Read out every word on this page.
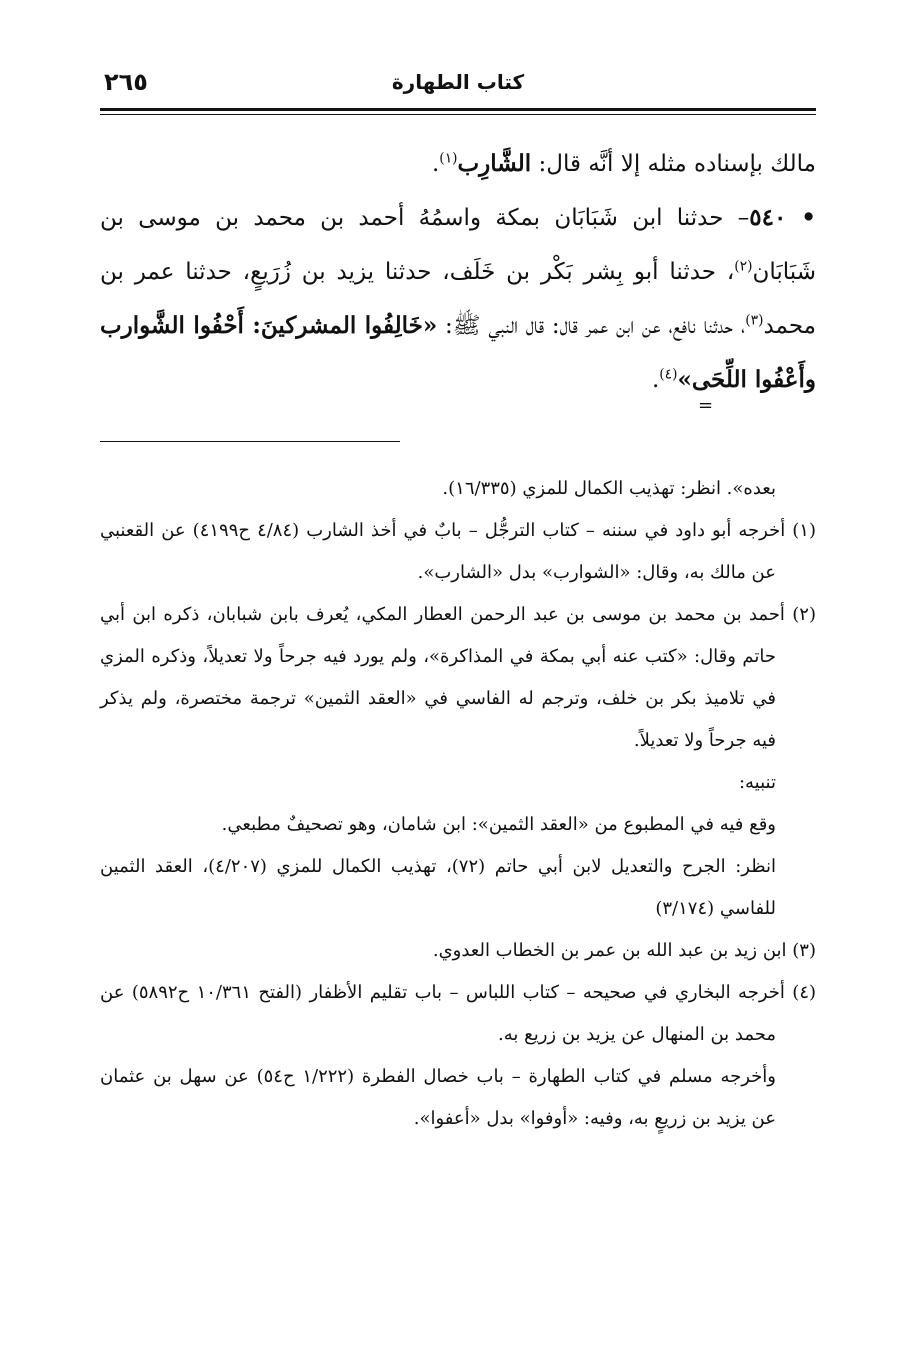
كتاب الطهارة
٢٦٥

مالك بإسناده مثله إلا أنَّه قال: الشَّارِب$^{(١)}$.

• ٥٤٠– حدثنا ابن شَبَابَان بمكة واسمُهُ أحمد بن محمد بن موسى بن شَبَابَان$^{(٢)}$، حدثنا أبو بِشر بَكْر بن خَلَف، حدثنا يزيد بن زُرَيعٍ، حدثنا عمر بن محمد$^{(٣)}$، حدثنا نافع، عن ابن عمر قال: قال النبي ﷺ: «خَالِفُوا المشركينَ: أَحْفُوا الشَّوارب وأَعْفُوا اللِّحَى»$^{(٤)}$.

بعده». انظر: تهذيب الكمال للمزي (١٦/٣٣٥).

(١) أخرجه أبو داود في سننه – كتاب الترجُّل – بابٌ في أخذ الشارب (٤/٨٤ ح٤١٩٩) عن القعنبي عن مالك به، وقال: «الشوارب» بدل «الشارب».

(٢) أحمد بن محمد بن موسى بن عبد الرحمن العطار المكي، يُعرف بابن شبابان، ذكره ابن أبي حاتم وقال: «كتب عنه أبي بمكة في المذاكرة»، ولم يورد فيه جرحاً ولا تعديلاً، وذكره المزي في تلاميذ بكر بن خلف، وترجم له الفاسي في «العقد الثمين» ترجمة مختصرة، ولم يذكر فيه جرحاً ولا تعديلاً.

تنبيه:

وقع فيه في المطبوع من «العقد الثمين»: ابن شامان، وهو تصحيفٌ مطبعي.

انظر: الجرح والتعديل لابن أبي حاتم (٧٢)، تهذيب الكمال للمزي (٤/٢٠٧)، العقد الثمين للفاسي (٣/١٧٤)

(٣) ابن زيد بن عبد الله بن عمر بن الخطاب العدوي.

(٤) أخرجه البخاري في صحيحه – كتاب اللباس – باب تقليم الأظفار (الفتح ١٠/٣٦١ ح٥٨٩٢) عن محمد بن المنهال عن يزيد بن زريع به.

وأخرجه مسلم في كتاب الطهارة – باب خصال الفطرة (١/٢٢٢ ح٥٤) عن سهل بن عثمان عن يزيد بن زريعٍ به، وفيه: «أوفوا» بدل «أعفوا».

=
